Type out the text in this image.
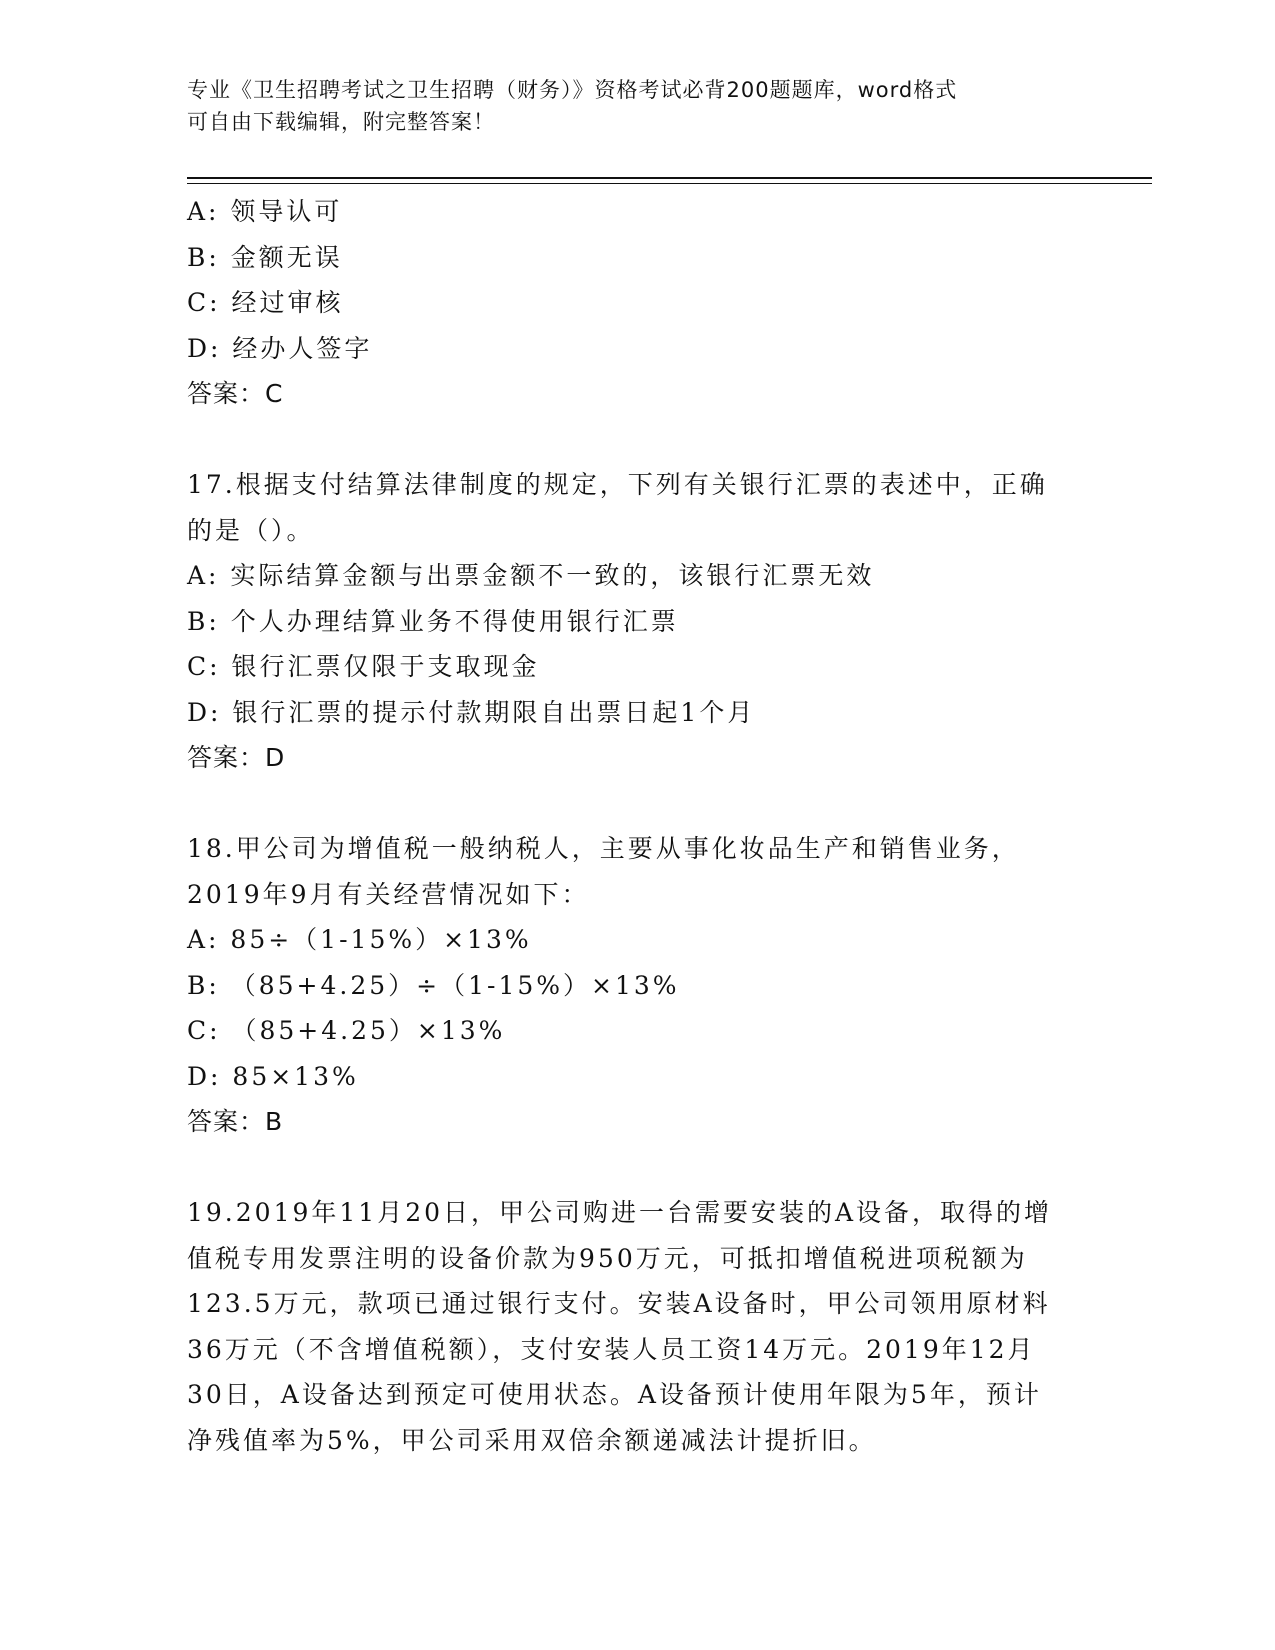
专业《卫生招聘考试之卫生招聘（财务）》资格考试必背200题题库，word格式
可自由下载编辑，附完整答案！
A: 领导认可
B: 金额无误
C: 经过审核
D: 经办人签字
答案：C
17.根据支付结算法律制度的规定，下列有关银行汇票的表述中，正确
的是（）。
A: 实际结算金额与出票金额不一致的，该银行汇票无效
B: 个人办理结算业务不得使用银行汇票
C: 银行汇票仅限于支取现金
D: 银行汇票的提示付款期限自出票日起1个月
答案：D
18.甲公司为增值税一般纳税人，主要从事化妆品生产和销售业务，
2019年9月有关经营情况如下：
A: 85÷（1-15%）×13%
B: （85+4.25）÷（1-15%）×13%
C: （85+4.25）×13%
D: 85×13%
答案：B
19.2019年11月20日，甲公司购进一台需要安装的A设备，取得的增
值税专用发票注明的设备价款为950万元，可抵扣增值税进项税额为
123.5万元，款项已通过银行支付。安装A设备时，甲公司领用原材料
36万元（不含增值税额），支付安装人员工资14万元。2019年12月
30日，A设备达到预定可使用状态。A设备预计使用年限为5年，预计
净残值率为5%，甲公司采用双倍余额递减法计提折旧。
